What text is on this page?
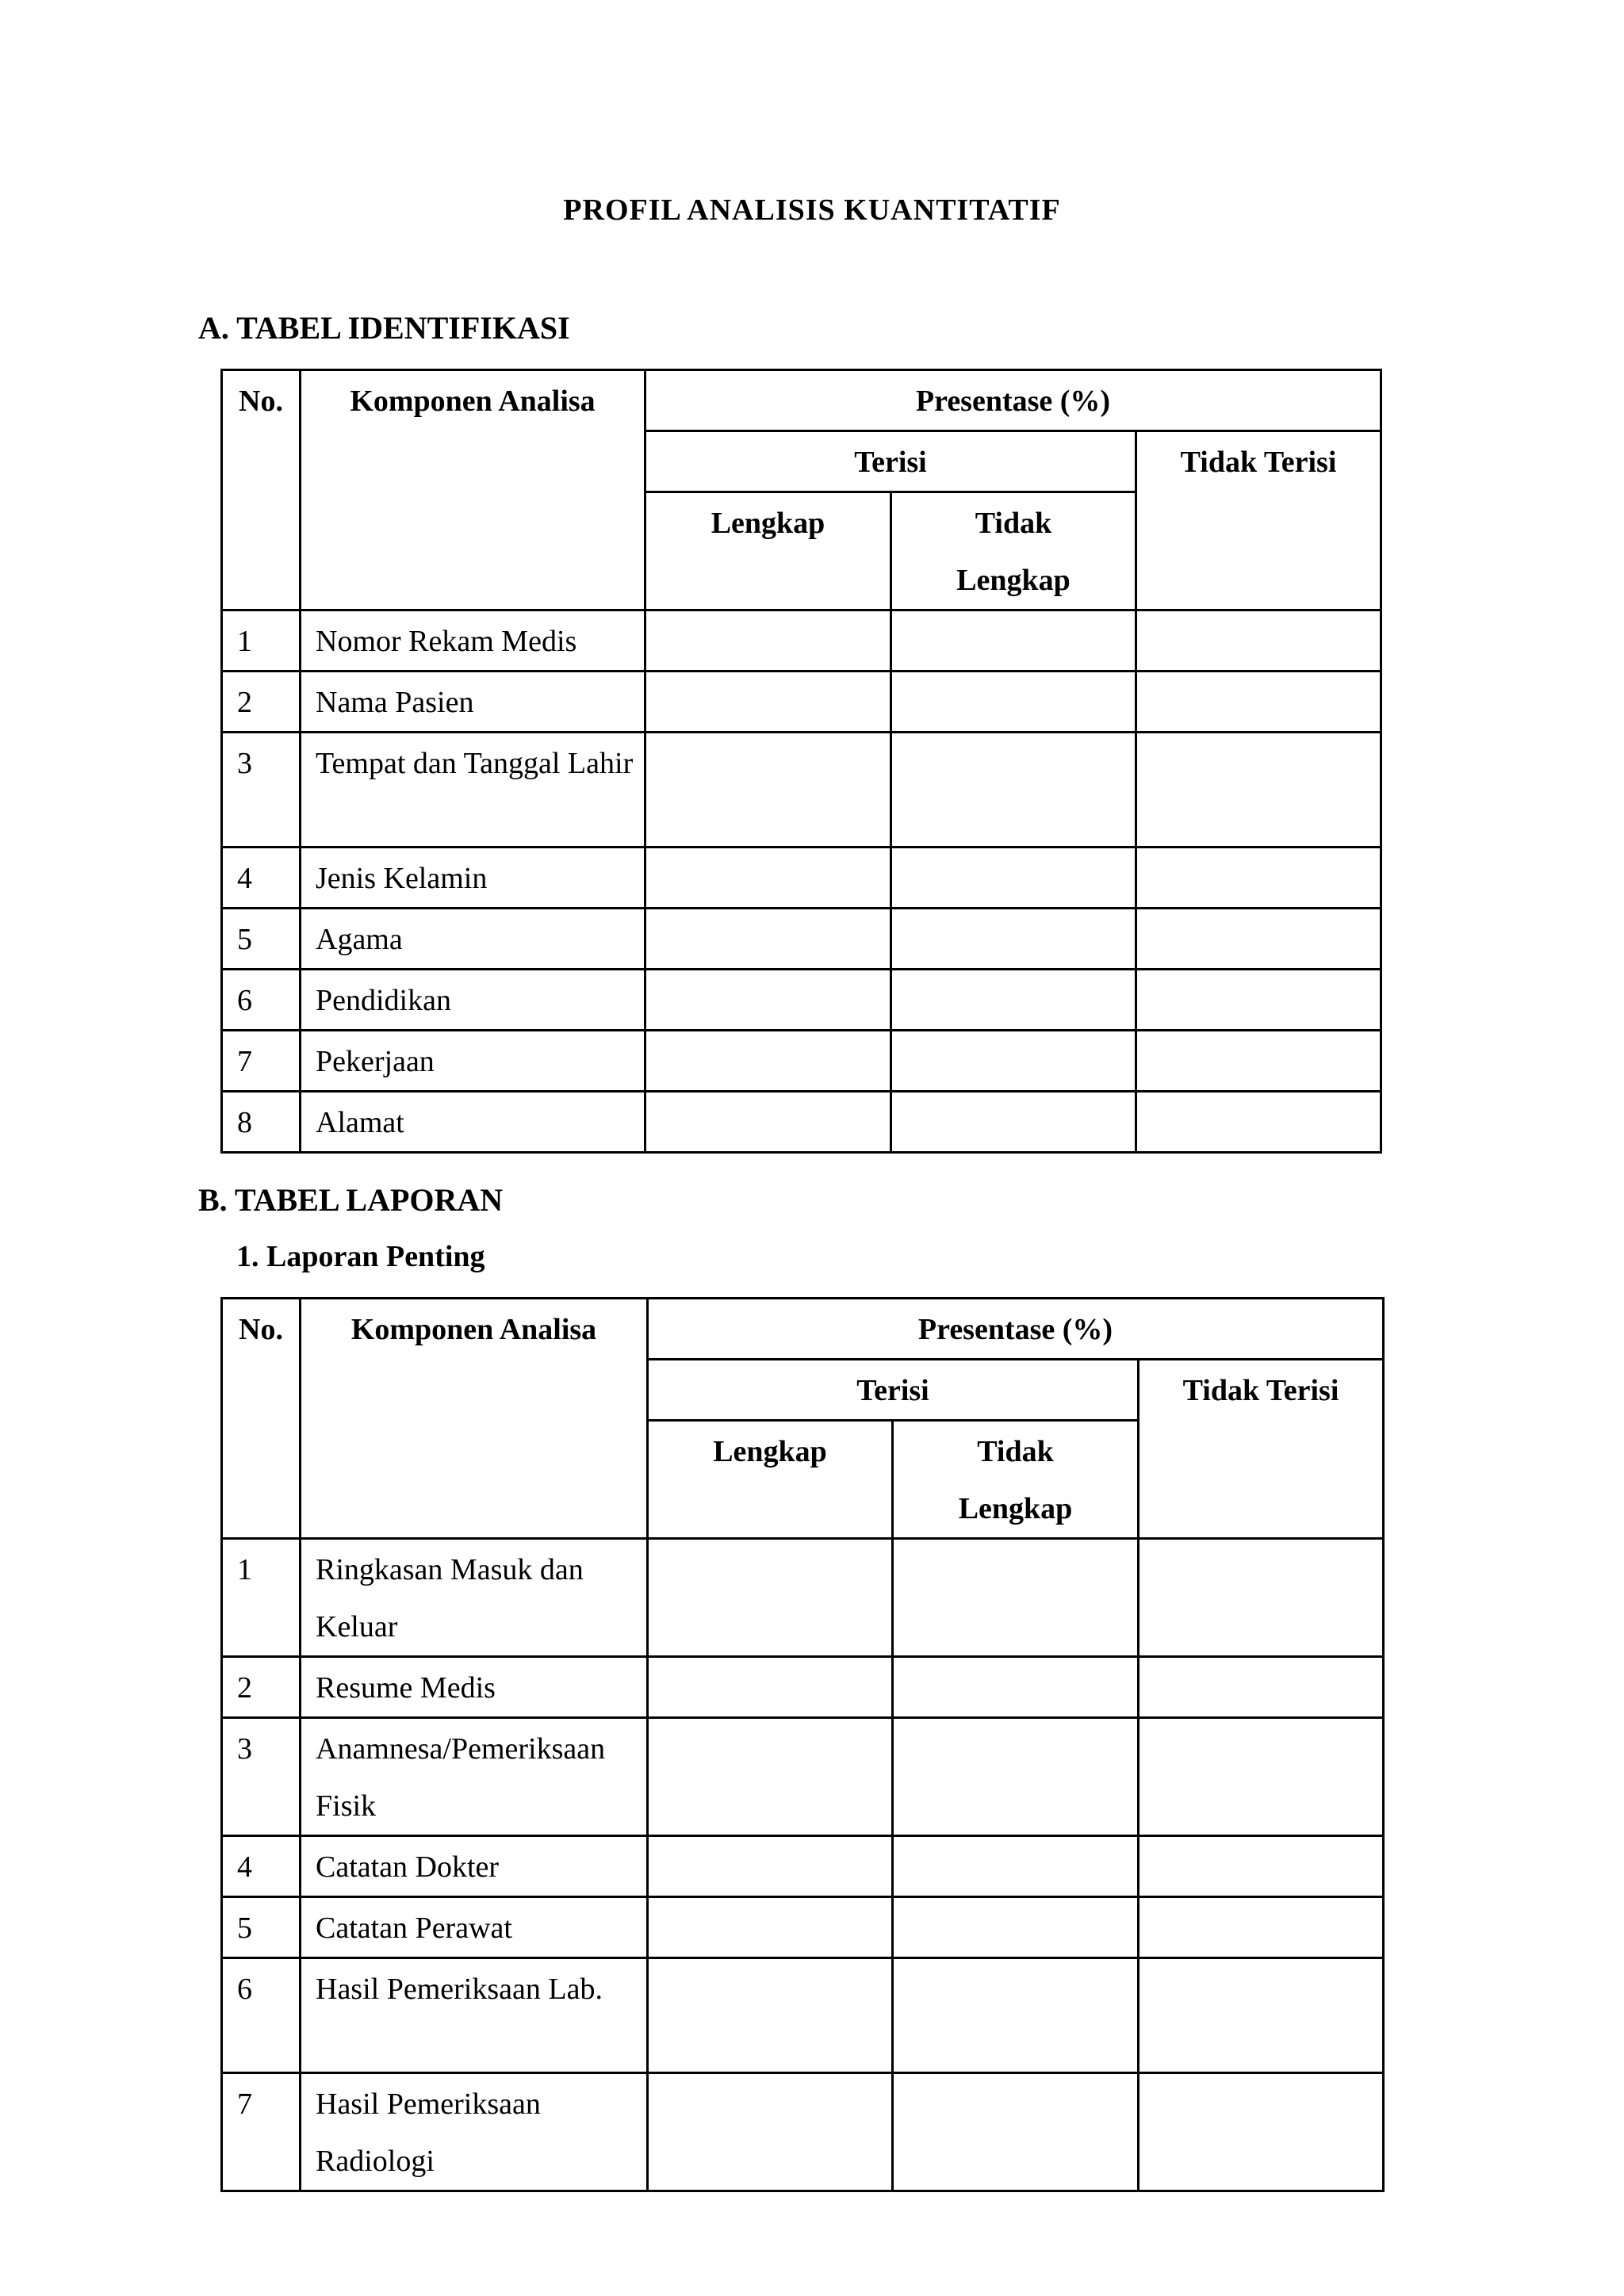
PROFIL ANALISIS KUANTITATIF
A. TABEL IDENTIFIKASI
No.	Komponen Analisa	Presentase (%)		
		Terisi		Tidak Terisi
		Lengkap	Tidak Lengkap	
1	Nomor Rekam Medis			
2	Nama Pasien			
3	Tempat dan Tanggal Lahir			
4	Jenis Kelamin			
5	Agama			
6	Pendidikan			
7	Pekerjaan			
8	Alamat			
B. TABEL LAPORAN
1. Laporan Penting
No.	Komponen Analisa	Presentase (%)		
		Terisi		Tidak Terisi
		Lengkap	Tidak Lengkap	
1	Ringkasan Masuk dan Keluar			
2	Resume Medis			
3	Anamnesa/Pemeriksaan Fisik			
4	Catatan Dokter			
5	Catatan Perawat			
6	Hasil Pemeriksaan Lab.			
7	Hasil Pemeriksaan Radiologi			
